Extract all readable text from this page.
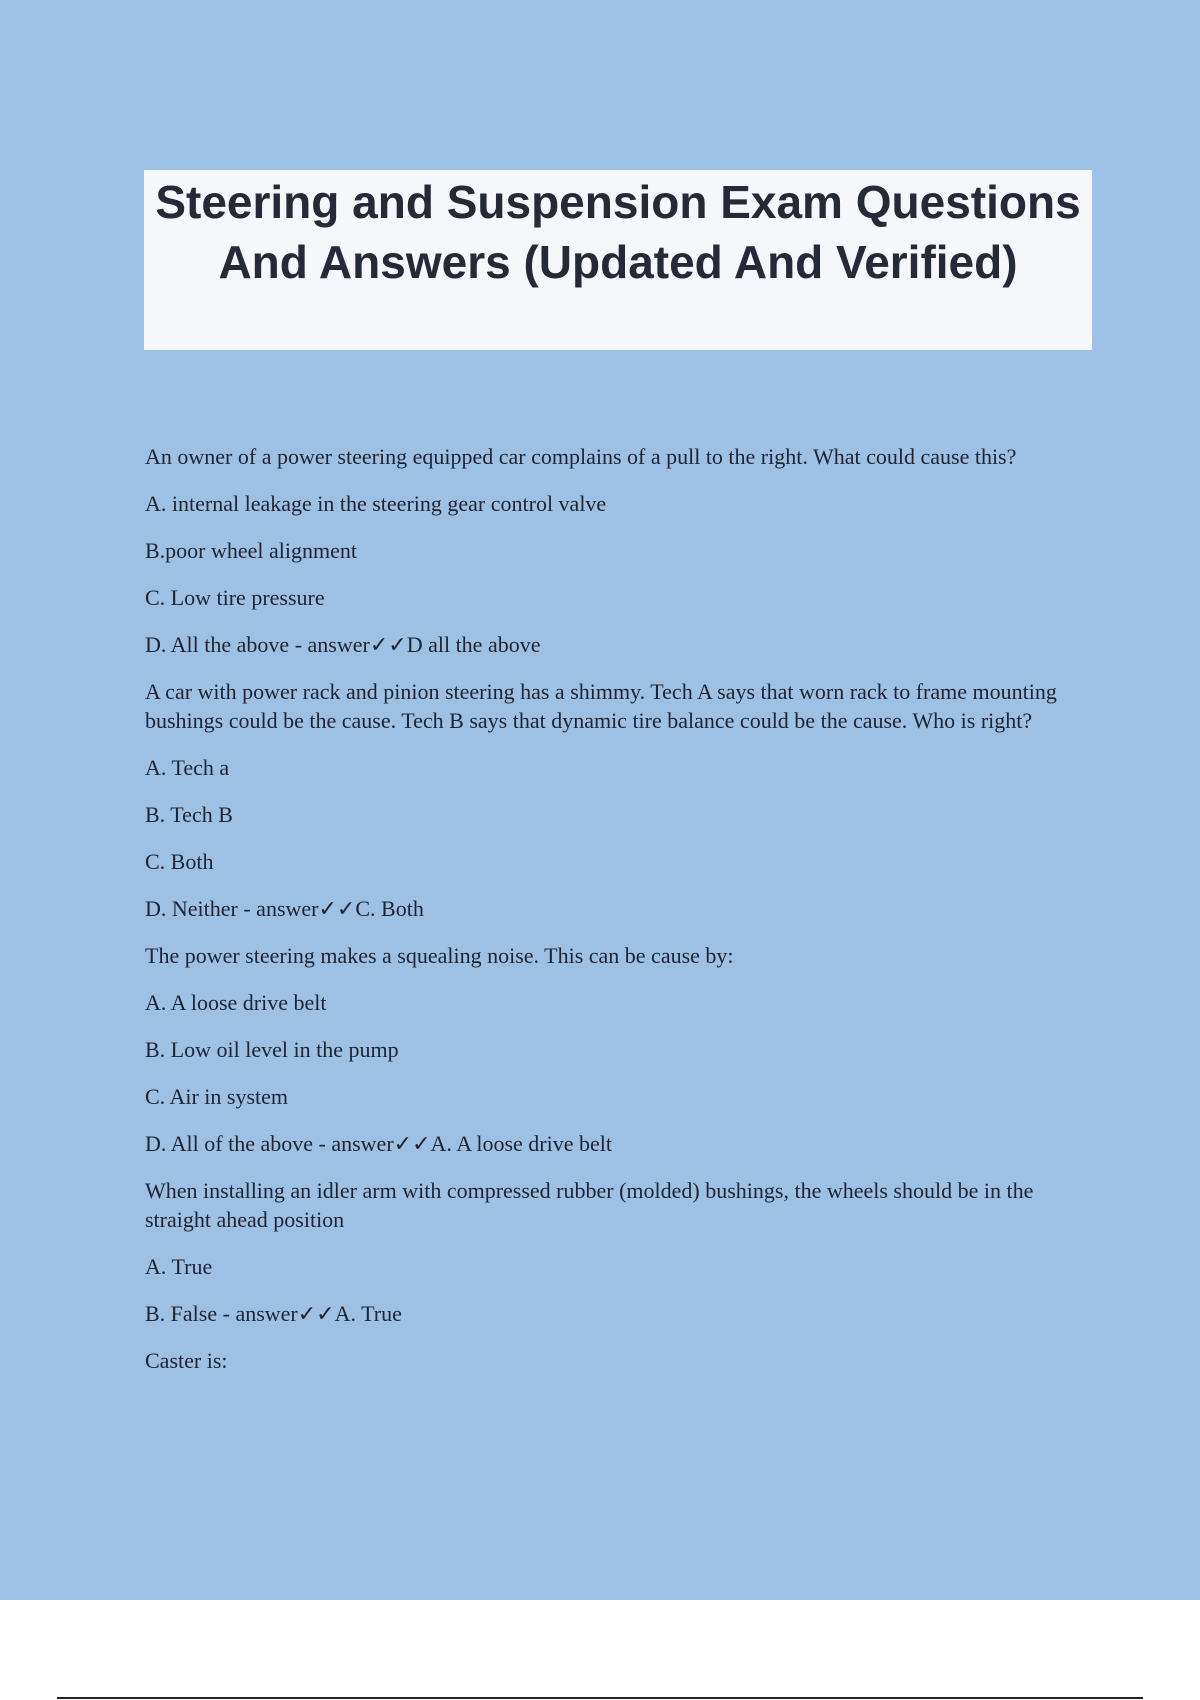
Steering and Suspension Exam Questions And Answers (Updated And Verified)

An owner of a power steering equipped car complains of a pull to the right. What could cause this?

A. internal leakage in the steering gear control valve

B.poor wheel alignment

C. Low tire pressure

D. All the above - answer✓✓D all the above

A car with power rack and pinion steering has a shimmy. Tech A says that worn rack to frame mounting bushings could be the cause. Tech B says that dynamic tire balance could be the cause. Who is right?

A. Tech a

B. Tech B

C. Both

D. Neither - answer✓✓C. Both

The power steering makes a squealing noise. This can be cause by:

A. A loose drive belt

B. Low oil level in the pump

C. Air in system

D. All of the above - answer✓✓A. A loose drive belt

When installing an idler arm with compressed rubber (molded) bushings, the wheels should be in the straight ahead position

A. True

B. False - answer✓✓A. True

Caster is:
